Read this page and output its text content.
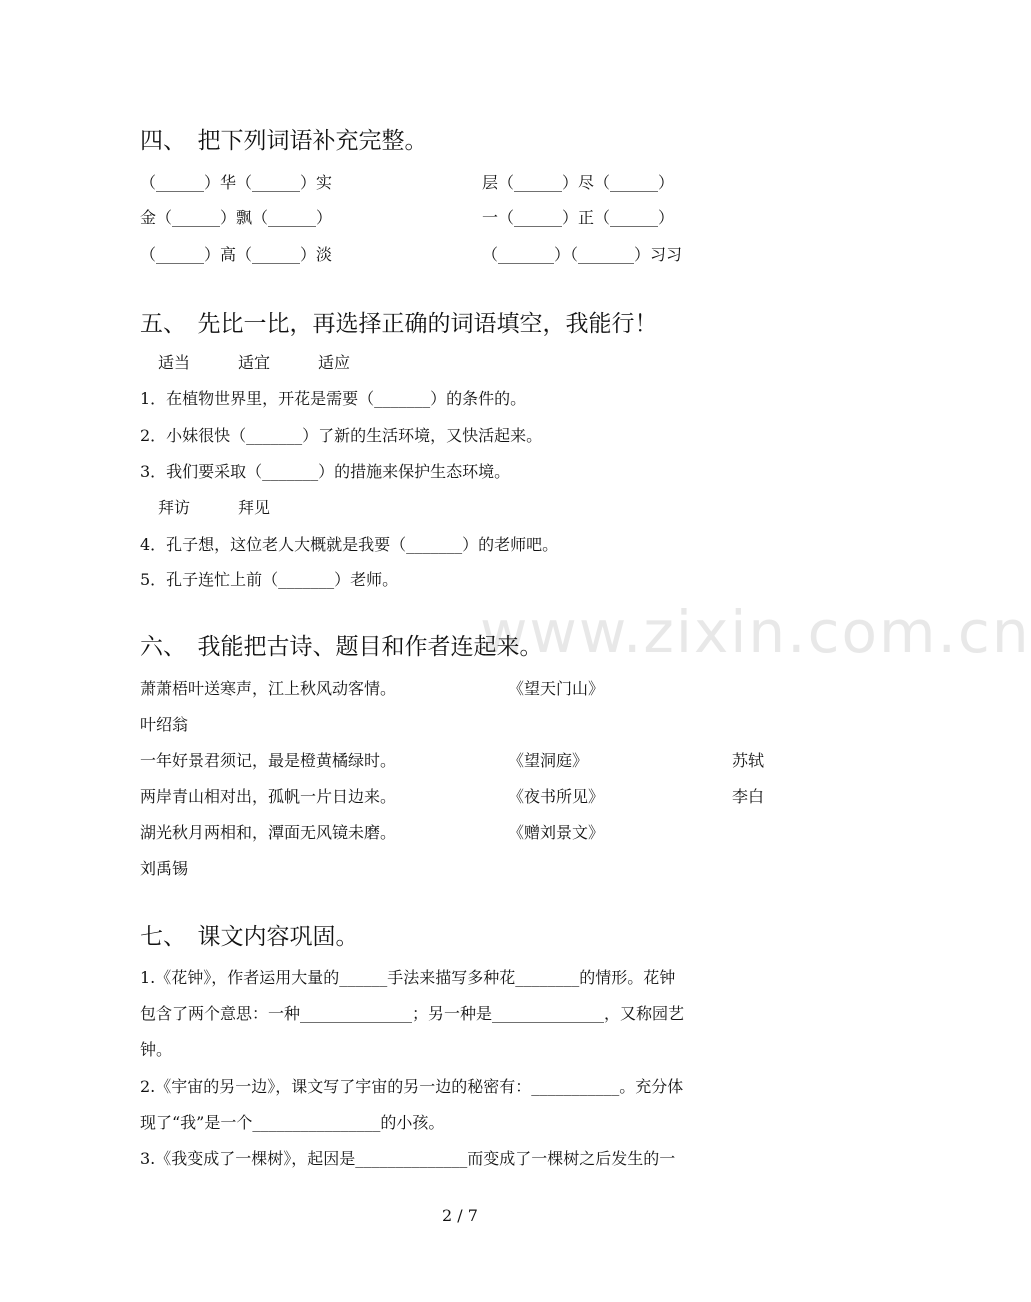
www.zixin.com.cn
四、　把下列词语补充完整。
（______）华（______）实	层（______）尽（______）
金（______）飘（______）	一（______）正（______）
（______）高（______）淡	（_______）（_______）习习
五、　先比一比，再选择正确的词语填空，我能行！
适当　　　适宜　　　适应
1．在植物世界里，开花是需要（_______）的条件的。
2．小妹很快（_______）了新的生活环境，又快活起来。
3．我们要采取（_______）的措施来保护生态环境。
拜访　　　拜见
4．孔子想，这位老人大概就是我要（_______）的老师吧。
5．孔子连忙上前（_______）老师。
六、　我能把古诗、题目和作者连起来。
萧萧梧叶送寒声，江上秋风动客情。	《望天门山》
叶绍翁
一年好景君须记，最是橙黄橘绿时。	《望洞庭》	苏轼
两岸青山相对出，孤帆一片日边来。	《夜书所见》	李白
湖光秋月两相和，潭面无风镜未磨。	《赠刘景文》
刘禹锡
七、　课文内容巩固。
1.《花钟》，作者运用大量的______手法来描写多种花________的情形。花钟
包含了两个意思：一种______________；另一种是______________，又称园艺
钟。
2.《宇宙的另一边》，课文写了宇宙的另一边的秘密有：___________。充分体
现了“我”是一个________________的小孩。
3.《我变成了一棵树》，起因是______________而变成了一棵树之后发生的一
2 / 7
